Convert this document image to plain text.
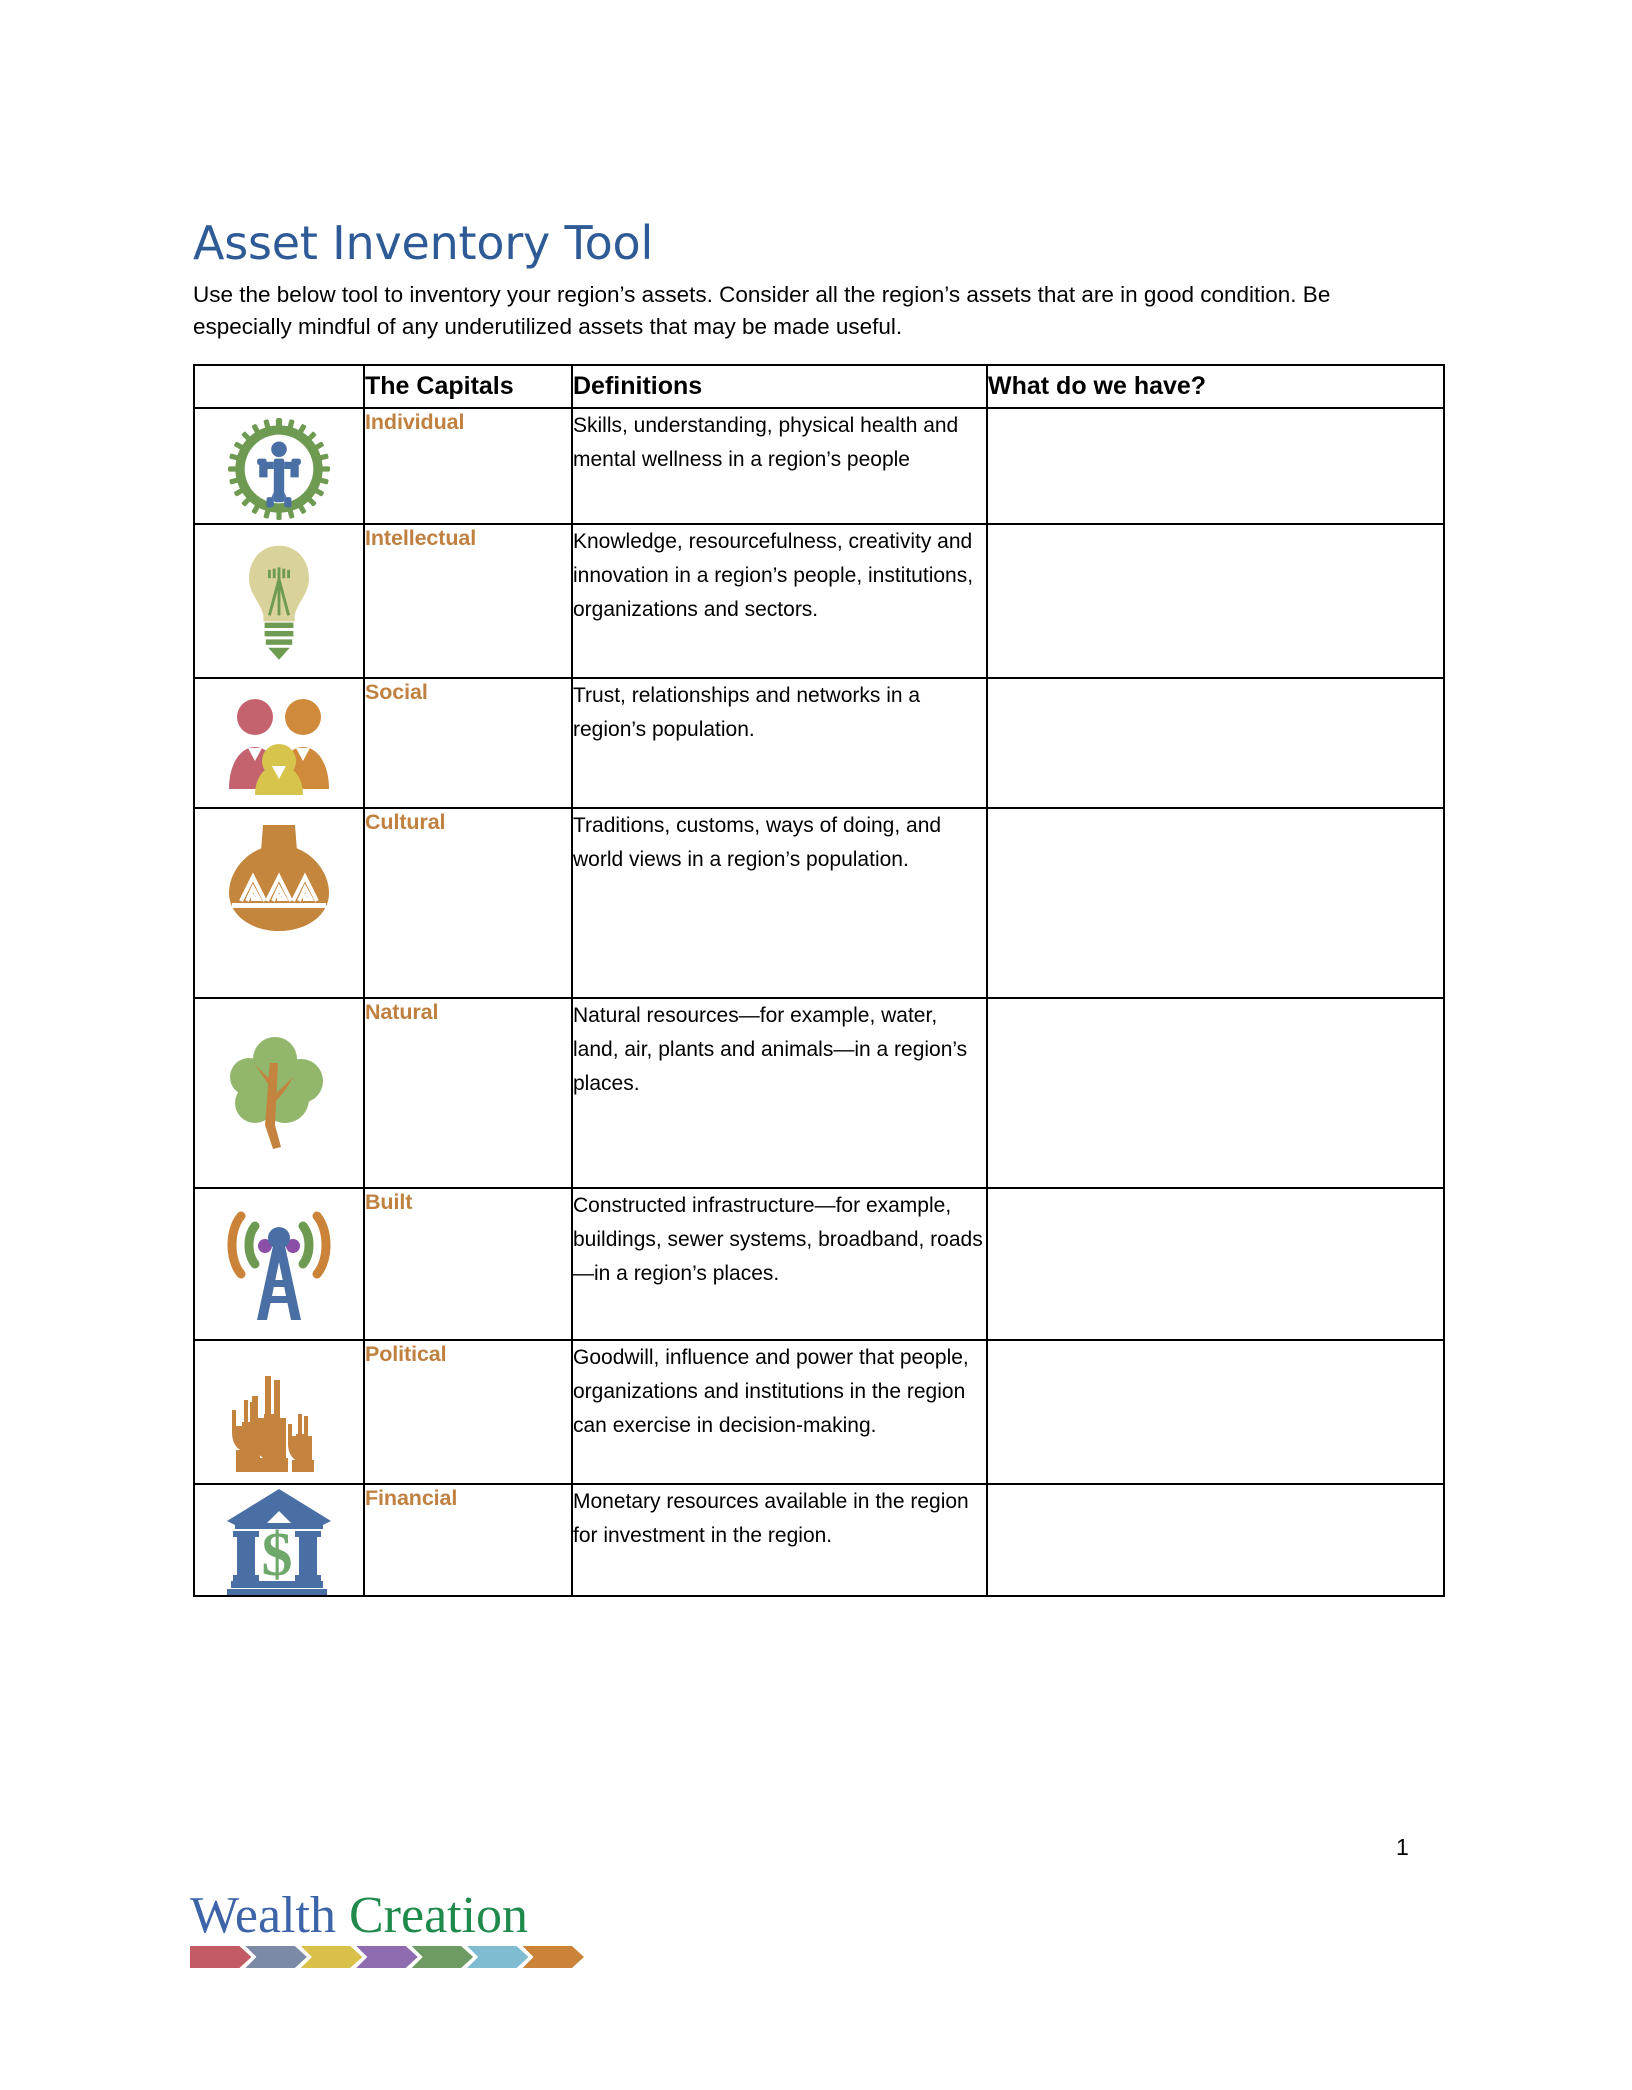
Asset Inventory Tool

Use the below tool to inventory your region’s assets. Consider all the region’s assets that are in good condition. Be especially mindful of any underutilized assets that may be made useful.

	The Capitals	Definitions	What do we have?

	Individual	Skills, understanding, physical health and mental wellness in a region’s people	

	Intellectual	Knowledge, resourcefulness, creativity and innovation in a region’s people, institutions, organizations and sectors.	

	Social	Trust, relationships and networks in a region’s population.	

	Cultural	Traditions, customs, ways of doing, and world views in a region’s population.	

	Natural	Natural resources—for example, water, land, air, plants and animals—in a region’s places.	

	Built	Constructed infrastructure—for example, buildings, sewer systems, broadband, roads—in a region’s places.	

	Political	Goodwill, influence and power that people, organizations and institutions in the region can exercise in decision-making.	

$	Financial	Monetary resources available in the region for investment in the region.	
1
Wealth Creation
